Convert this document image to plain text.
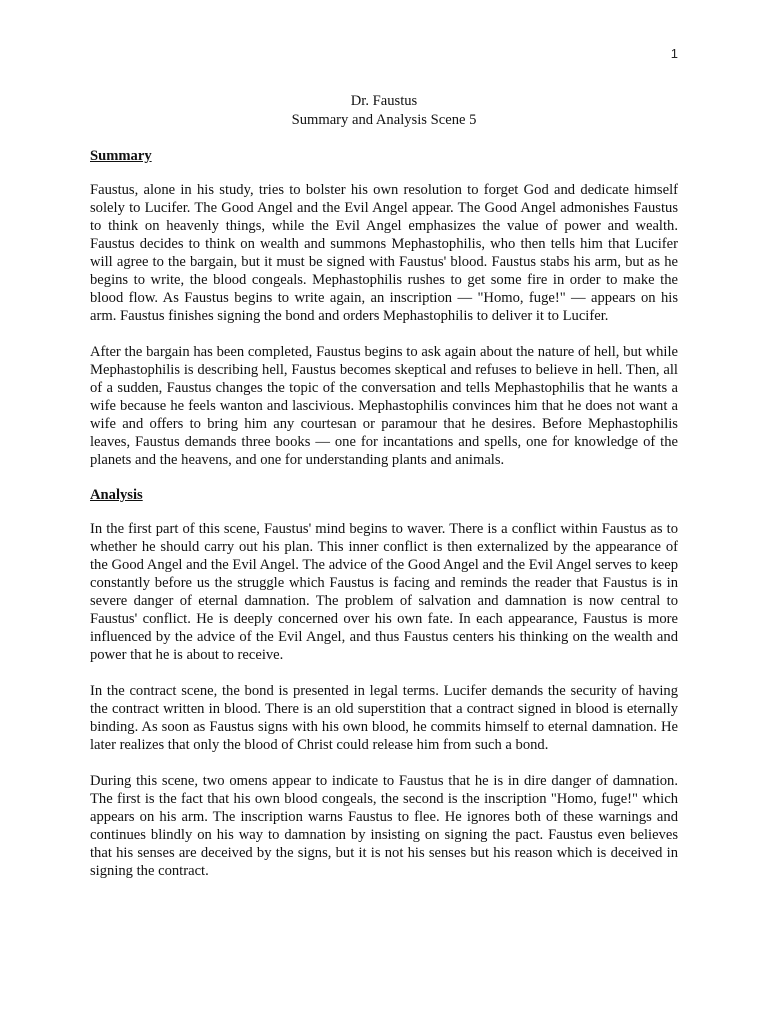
1
Dr. Faustus
Summary and Analysis Scene 5
Summary

Faustus, alone in his study, tries to bolster his own resolution to forget God and dedicate himself solely to Lucifer. The Good Angel and the Evil Angel appear. The Good Angel admonishes Faustus to think on heavenly things, while the Evil Angel emphasizes the value of power and wealth. Faustus decides to think on wealth and summons Mephastophilis, who then tells him that Lucifer will agree to the bargain, but it must be signed with Faustus' blood. Faustus stabs his arm, but as he begins to write, the blood congeals. Mephastophilis rushes to get some fire in order to make the blood flow. As Faustus begins to write again, an inscription — "Homo, fuge!" — appears on his arm. Faustus finishes signing the bond and orders Mephastophilis to deliver it to Lucifer.

After the bargain has been completed, Faustus begins to ask again about the nature of hell, but while Mephastophilis is describing hell, Faustus becomes skeptical and refuses to believe in hell. Then, all of a sudden, Faustus changes the topic of the conversation and tells Mephastophilis that he wants a wife because he feels wanton and lascivious. Mephastophilis convinces him that he does not want a wife and offers to bring him any courtesan or paramour that he desires. Before Mephastophilis leaves, Faustus demands three books — one for incantations and spells, one for knowledge of the planets and the heavens, and one for understanding plants and animals.

Analysis

In the first part of this scene, Faustus' mind begins to waver. There is a conflict within Faustus as to whether he should carry out his plan. This inner conflict is then externalized by the appearance of the Good Angel and the Evil Angel. The advice of the Good Angel and the Evil Angel serves to keep constantly before us the struggle which Faustus is facing and reminds the reader that Faustus is in severe danger of eternal damnation. The problem of salvation and damnation is now central to Faustus' conflict. He is deeply concerned over his own fate. In each appearance, Faustus is more influenced by the advice of the Evil Angel, and thus Faustus centers his thinking on the wealth and power that he is about to receive.

In the contract scene, the bond is presented in legal terms. Lucifer demands the security of having the contract written in blood. There is an old superstition that a contract signed in blood is eternally binding. As soon as Faustus signs with his own blood, he commits himself to eternal damnation. He later realizes that only the blood of Christ could release him from such a bond.

During this scene, two omens appear to indicate to Faustus that he is in dire danger of damnation. The first is the fact that his own blood congeals, the second is the inscription "Homo, fuge!" which appears on his arm. The inscription warns Faustus to flee. He ignores both of these warnings and continues blindly on his way to damnation by insisting on signing the pact. Faustus even believes that his senses are deceived by the signs, but it is not his senses but his reason which is deceived in signing the contract.
